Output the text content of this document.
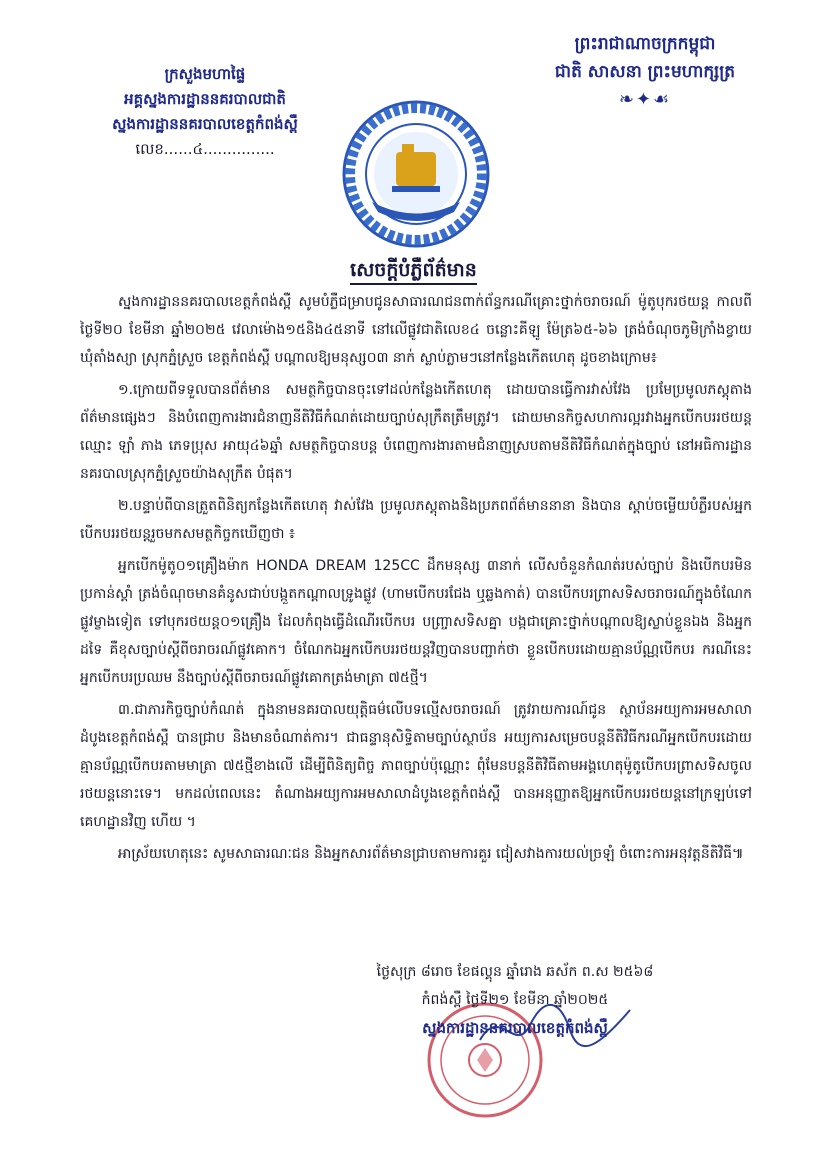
ក្រសួងមហាផ្ទៃ
អគ្គស្នងការដ្ឋាននគរបាលជាតិ
ស្នងការដ្ឋាននគរបាលខេត្តកំពង់ស្ពឺ
លេខ......៤...............
ព្រះរាជាណាចក្រកម្ពុជា
ជាតិ សាសនា ព្រះមហាក្សត្រ
❧✦☙
សេចក្តីបំភ្លឺព័ត៌មាន

ស្នងការដ្ឋាននគរបាលខេត្តកំពង់ស្ពឺ សូមបំភ្លឺជម្រាបជូនសាធារណជនពាក់ព័ន្ធករណីគ្រោះថ្នាក់ចរាចរណ៍ ម៉ូតូបុករថយន្ត កាលពីថ្ងៃទី២០ ខែមីនា ឆ្នាំ២០២៥ វេលាម៉ោង១៥និង៤៥នាទី នៅលើផ្លូវជាតិលេខ៤ ចន្លោះគីឡូ ម៉ែត្រ៦៥-៦៦ ត្រង់ចំណុចភូមិក្រាំងខ្វាយ ឃុំតាំងស្យា ស្រុកភ្នំស្រួច ខេត្តកំពង់ស្ពឺ បណ្តាលឱ្យមនុស្ស០៣ នាក់ ស្លាប់ភ្លាមៗនៅកន្លែងកើតហេតុ ដូចខាងក្រោម៖

១.ក្រោយពីទទួលបានព័ត៌មាន សមត្ថកិច្ចបានចុះទៅដល់កន្លែងកើតហេតុ ដោយបានធ្វើការវាស់វែង ប្រមែប្រមូលភស្តុតាង ព័ត៌មានផ្សេងៗ និងបំពេញការងារជំនាញនីតិវិធីកំណត់ដោយច្បាប់សុក្រឹតត្រឹមត្រូវ។ ដោយមានកិច្ចសហការល្អរវាងអ្នកបើកបររថយន្តឈ្មោះ ឡាំ ភាង ភេទប្រុស អាយុ៤៦ឆ្នាំ សមត្ថកិច្ចបានបន្ត បំពេញការងារតាមជំនាញស្របតាមនីតិវិធីកំណត់ក្នុងច្បាប់ នៅអធិការដ្ឋាននគរបាលស្រុកភ្នំស្រួចយ៉ាងសុក្រឹត បំផុត។

២.បន្ទាប់ពីបានត្រួតពិនិត្យកន្លែងកើតហេតុ វាស់វែង ប្រមូលភស្តុតាងនិងប្រភពព័ត៌មាននានា និងបាន ស្តាប់ចម្លើយបំភ្លឺរបស់អ្នកបើកបររថយន្តរួចមកសមត្ថកិច្ចកឃើញថា ៖

អ្នកបើកម៉ូតូ០១គ្រឿងម៉ាក HONDA DREAM 125CC ដឹកមនុស្ស ៣នាក់ លើសចំនួនកំណត់របស់ច្បាប់ និងបើកបរមិនប្រកាន់ស្តាំ ត្រង់ចំណុចមានគំនូសជាប់បង្កួតកណ្តាលទ្រូងផ្លូវ (ហាមបើកបរជែង ឬឆ្លងកាត់) បានបើកបរព្រាសទិសចរាចរណ៍ក្នុងចំណែកផ្លូវម្ខាងទៀត ទៅបុករថយន្ត០១គ្រឿង ដែលកំពុងធ្វើដំណើរបើកបរ បញ្ច្រាសទិសគ្នា បង្កជាគ្រោះថ្នាក់បណ្តាលឱ្យស្លាប់ខ្លួនឯង និងអ្នកដទៃ គឺខុសច្បាប់ស្តីពីចរាចរណ៍ផ្លូវគោក។ ចំណែកឯអ្នកបើកបររថយន្តវិញបានបញ្ជាក់ថា ខ្លួនបើកបរដោយគ្មានប័ណ្ណបើកបរ ករណីនេះអ្នកបើកបរប្រឈម នឹងច្បាប់ស្តីពីចរាចរណ៍ផ្លូវគោកត្រង់មាត្រា ៧៥ថ្មី។

៣.ជាភារកិច្ចច្បាប់កំណត់ ក្នុងនាមនគរបាលយុត្តិធម៌លើបទល្មើសចរាចរណ៍ ត្រូវរាយការណ៍ជូន ស្ថាប័នអយ្យការអមសាលាដំបូងខេត្តកំពង់ស្ពឺ បានជ្រាប និងមានចំណាត់ការ។ ជាធន្ទានុសិទ្ធិតាមច្បាប់ស្ថាប័ន អយ្យការសម្រេចបន្តនីតិវិធីករណីអ្នកបើកបរដោយគ្មានប័ណ្ណបើកបរតាមមាត្រា ៧៥ថ្មីខាងលើ ដើម្បីពិនិត្យពិច្ច ភាពច្បាប់ប៉ុណ្ណោះ ពុំមែនបន្តនីតិវិធីតាមអង្គហេតុម៉ូតូបើកបរព្រាសទិសចូលរថយន្តនោះទេ។ មកដល់ពេលនេះ តំណាងអយ្យការអមសាលាដំបូងខេត្តកំពង់ស្ពឺ បានអនុញ្ញាតឱ្យអ្នកបើកបររថយន្តនៅក្រឡប់ទៅគេហដ្ឋានវិញ ហើយ ។

អាស្រ័យហេតុនេះ សូមសាធារណៈជន និងអ្នកសារព័ត៌មានជ្រាបតាមការគួរ ជៀសវាងការយល់ច្រឡំ ចំពោះការអនុវត្តនីតិវិធី៕

ថ្ងៃសុក្រ ៨រោច ខែផល្គុន ឆ្នាំរោង ឆស័ក ព.ស ២៥៦៨
កំពង់ស្ពឺ ថ្ងៃទី២១ ខែមីនា ឆ្នាំ២០២៥
ស្នងការដ្ឋាននគរបាលខេត្តកំពង់ស្ពឺ
